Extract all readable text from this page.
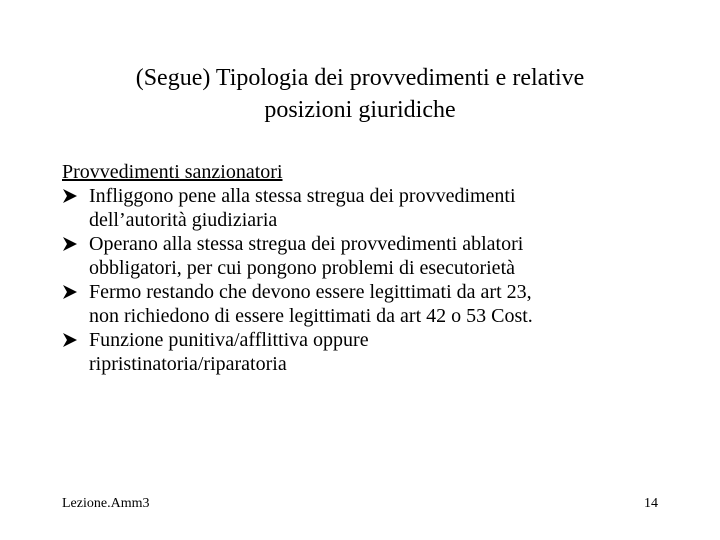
(Segue) Tipologia dei provvedimenti e relative
posizioni giuridiche

Provvedimenti sanzionatori

Infliggono pene alla stessa stregua dei provvedimenti
dell’autorità giudiziaria
Operano alla stessa stregua dei provvedimenti ablatori
obbligatori, per cui pongono problemi di esecutorietà
Fermo restando che devono essere legittimati da art 23,
non richiedono di essere legittimati da art 42 o 53 Cost.
Funzione punitiva/afflittiva oppure
ripristinatoria/riparatoria
Lezione.Amm3	14
